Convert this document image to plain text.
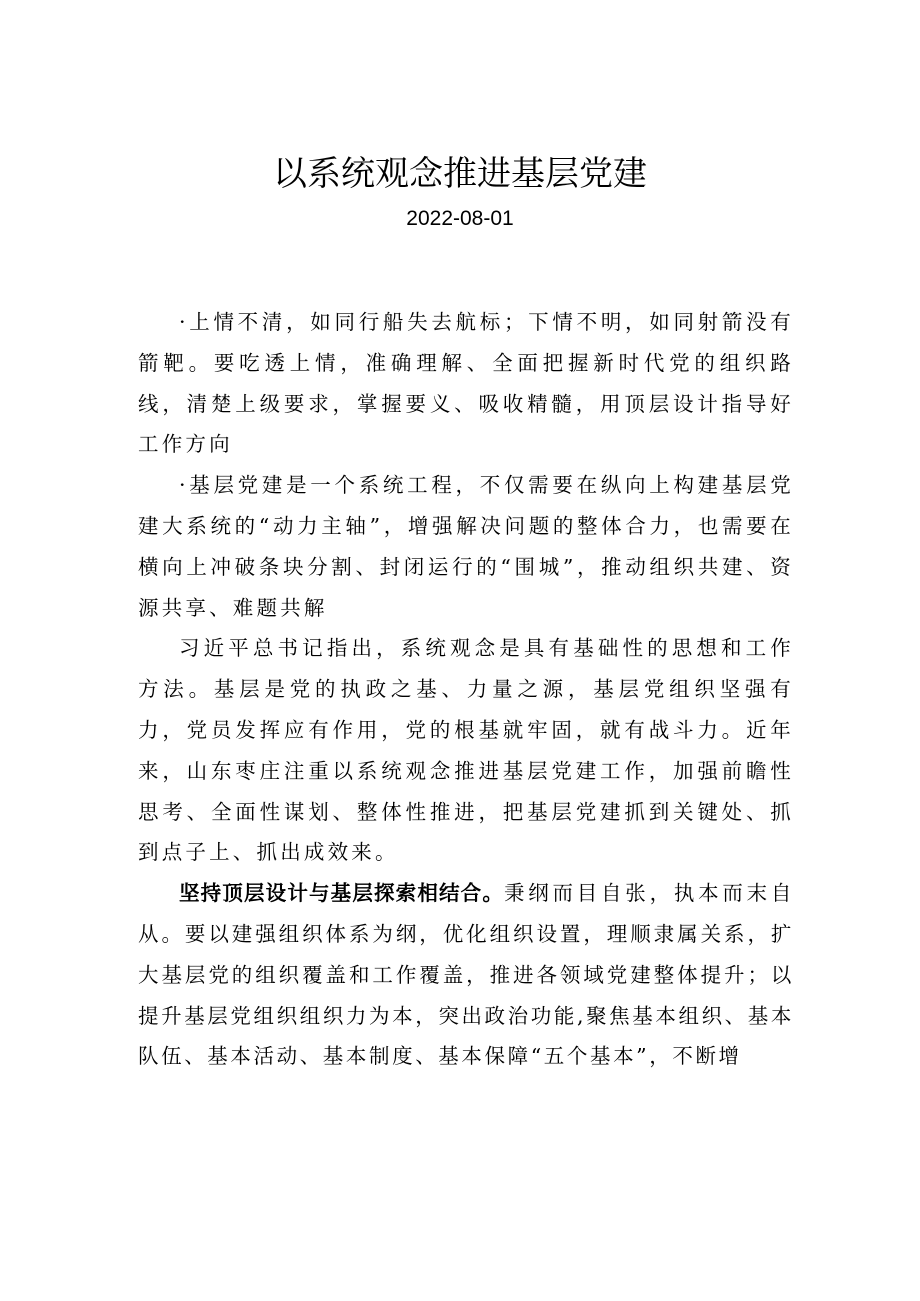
以系统观念推进基层党建
2022-08-01

·上情不清，如同行船失去航标；下情不明，如同射箭没有箭靶。要吃透上情，准确理解、全面把握新时代党的组织路线，清楚上级要求，掌握要义、吸收精髓，用顶层设计指导好工作方向

·基层党建是一个系统工程，不仅需要在纵向上构建基层党建大系统的“动力主轴”，增强解决问题的整体合力，也需要在横向上冲破条块分割、封闭运行的“围城”，推动组织共建、资源共享、难题共解

习近平总书记指出，系统观念是具有基础性的思想和工作方法。基层是党的执政之基、力量之源，基层党组织坚强有力，党员发挥应有作用，党的根基就牢固，就有战斗力。近年来，山东枣庄注重以系统观念推进基层党建工作，加强前瞻性思考、全面性谋划、整体性推进，把基层党建抓到关键处、抓到点子上、抓出成效来。

坚持顶层设计与基层探索相结合。秉纲而目自张，执本而末自从。要以建强组织体系为纲，优化组织设置，理顺隶属关系，扩大基层党的组织覆盖和工作覆盖，推进各领域党建整体提升；以提升基层党组织组织力为本，突出政治功能,聚焦基本组织、基本队伍、基本活动、基本制度、基本保障“五个基本”，不断增
